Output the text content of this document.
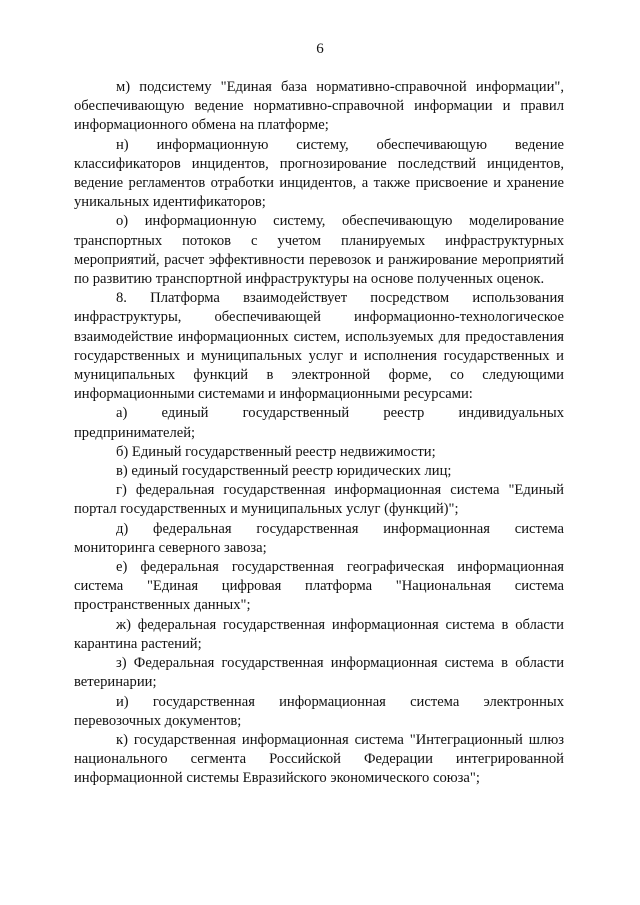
6

м) подсистему "Единая база нормативно-справочной информации", обеспечивающую ведение нормативно-справочной информации и правил информационного обмена на платформе;

н) информационную систему, обеспечивающую ведение классификаторов инцидентов, прогнозирование последствий инцидентов, ведение регламентов отработки инцидентов, а также присвоение и хранение уникальных идентификаторов;

о) информационную систему, обеспечивающую моделирование транспортных потоков с учетом планируемых инфраструктурных мероприятий, расчет эффективности перевозок и ранжирование мероприятий по развитию транспортной инфраструктуры на основе полученных оценок.

8. Платформа взаимодействует посредством использования инфраструктуры, обеспечивающей информационно-технологическое взаимодействие информационных систем, используемых для предоставления государственных и муниципальных услуг и исполнения государственных и муниципальных функций в электронной форме, со следующими информационными системами и информационными ресурсами:

а) единый государственный реестр индивидуальных предпринимателей;

б) Единый государственный реестр недвижимости;

в) единый государственный реестр юридических лиц;

г) федеральная государственная информационная система "Единый портал государственных и муниципальных услуг (функций)";

д) федеральная государственная информационная система мониторинга северного завоза;

е) федеральная государственная географическая информационная система "Единая цифровая платформа "Национальная система пространственных данных";

ж) федеральная государственная информационная система в области карантина растений;

з) Федеральная государственная информационная система в области ветеринарии;

и) государственная информационная система электронных перевозочных документов;

к) государственная информационная система "Интеграционный шлюз национального сегмента Российской Федерации интегрированной информационной системы Евразийского экономического союза";
